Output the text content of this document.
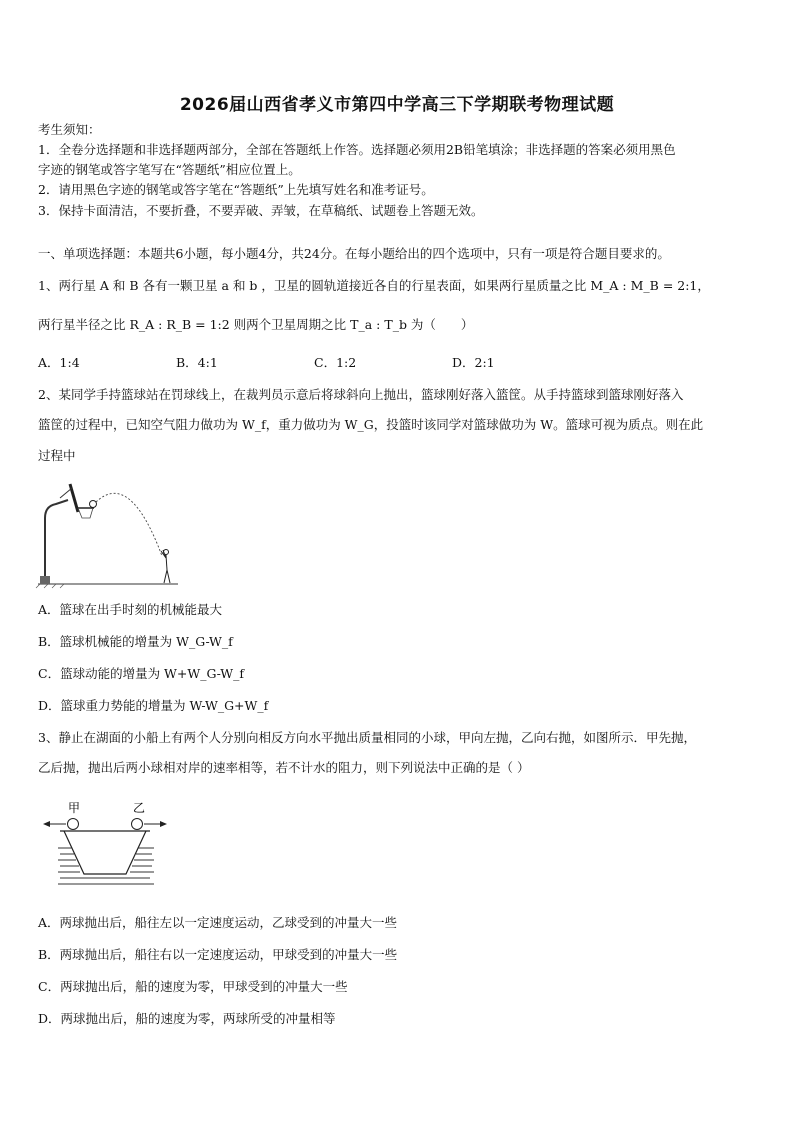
2026届山西省孝义市第四中学高三下学期联考物理试题
考生须知：
1．全卷分选择题和非选择题两部分，全部在答题纸上作答。选择题必须用2B铅笔填涂；非选择题的答案必须用黑色
字迹的钢笔或答字笔写在“答题纸”相应位置上。
2．请用黑色字迹的钢笔或答字笔在“答题纸”上先填写姓名和准考证号。
3．保持卡面清洁，不要折叠，不要弄破、弄皱，在草稿纸、试题卷上答题无效。
一、单项选择题：本题共6小题，每小题4分，共24分。在每小题给出的四个选项中，只有一项是符合题目要求的。
1、两行星 A 和 B 各有一颗卫星 a 和 b ，卫星的圆轨道接近各自的行星表面，如果两行星质量之比 M_A : M_B = 2:1，
两行星半径之比 R_A : R_B = 1:2 则两个卫星周期之比 T_a : T_b 为（　　）
A．1:4	B．4:1	C．1:2	D．2:1
2、某同学手持篮球站在罚球线上，在裁判员示意后将球斜向上抛出，篮球刚好落入篮筐。从手持篮球到篮球刚好落入
篮筐的过程中，已知空气阻力做功为 W_f，重力做功为 W_G，投篮时该同学对篮球做功为 W。篮球可视为质点。则在此
过程中
A．篮球在出手时刻的机械能最大
B．篮球机械能的增量为 W_G-W_f
C．篮球动能的增量为 W+W_G-W_f
D．篮球重力势能的增量为 W-W_G+W_f
3、静止在湖面的小船上有两个人分别向相反方向水平抛出质量相同的小球，甲向左抛，乙向右抛，如图所示．甲先抛，
乙后抛，抛出后两小球相对岸的速率相等，若不计水的阻力，则下列说法中正确的是（ ）
甲	乙
A．两球抛出后，船往左以一定速度运动，乙球受到的冲量大一些
B．两球抛出后，船往右以一定速度运动，甲球受到的冲量大一些
C．两球抛出后，船的速度为零，甲球受到的冲量大一些
D．两球抛出后，船的速度为零，两球所受的冲量相等
